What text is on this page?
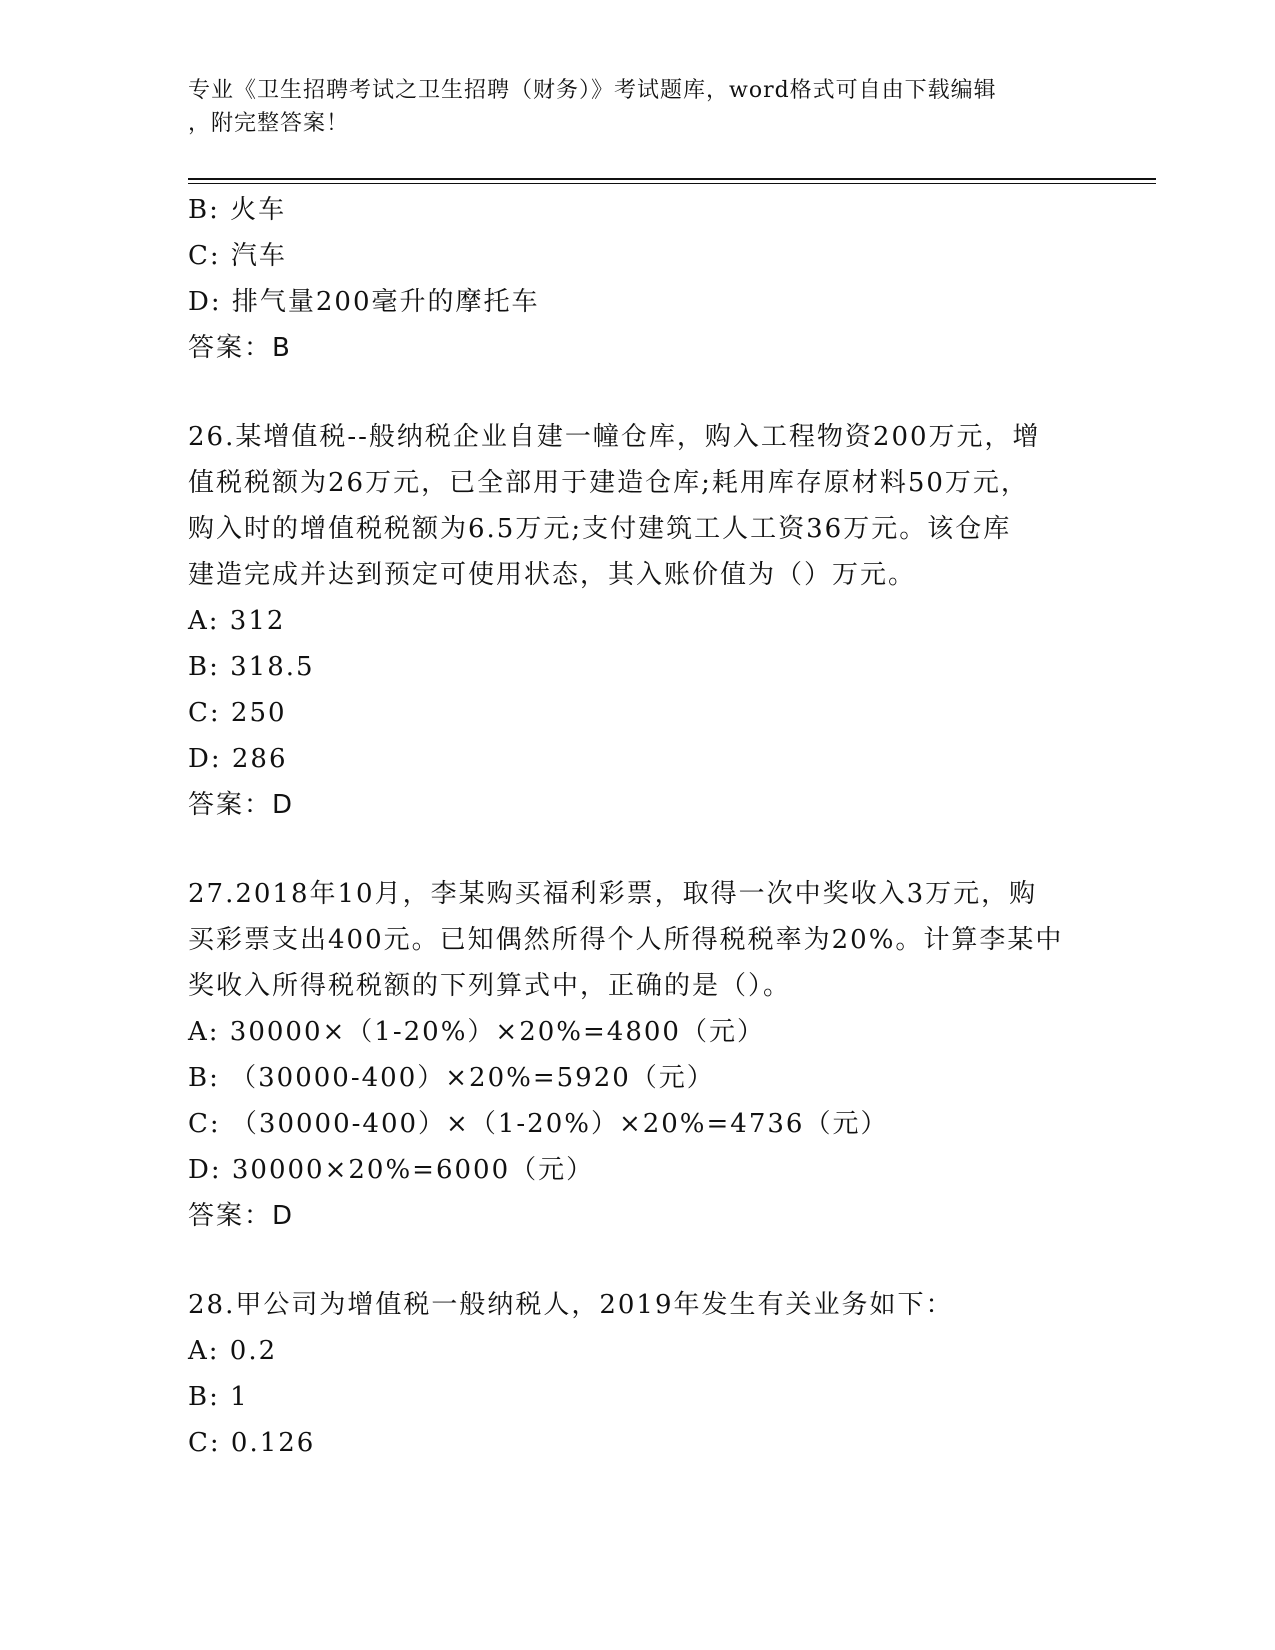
专业《卫生招聘考试之卫生招聘（财务）》考试题库，word格式可自由下载编辑
，附完整答案！
B: 火车
C: 汽车
D: 排气量200毫升的摩托车
答案：B
26.某增值税--般纳税企业自建一幢仓库，购入工程物资200万元，增
值税税额为26万元，已全部用于建造仓库;耗用库存原材料50万元，
购入时的增值税税额为6.5万元;支付建筑工人工资36万元。该仓库
建造完成并达到预定可使用状态，其入账价值为（）万元。
A: 312
B: 318.5
C: 250
D: 286
答案：D
27.2018年10月，李某购买福利彩票，取得一次中奖收入3万元，购
买彩票支出400元。已知偶然所得个人所得税税率为20%。计算李某中
奖收入所得税税额的下列算式中，正确的是（）。
A: 30000×（1-20%）×20%=4800（元）
B: （30000-400）×20%=5920（元）
C: （30000-400）×（1-20%）×20%=4736（元）
D: 30000×20%=6000（元）
答案：D
28.甲公司为增值税一般纳税人，2019年发生有关业务如下：
A: 0.2
B: 1
C: 0.126
